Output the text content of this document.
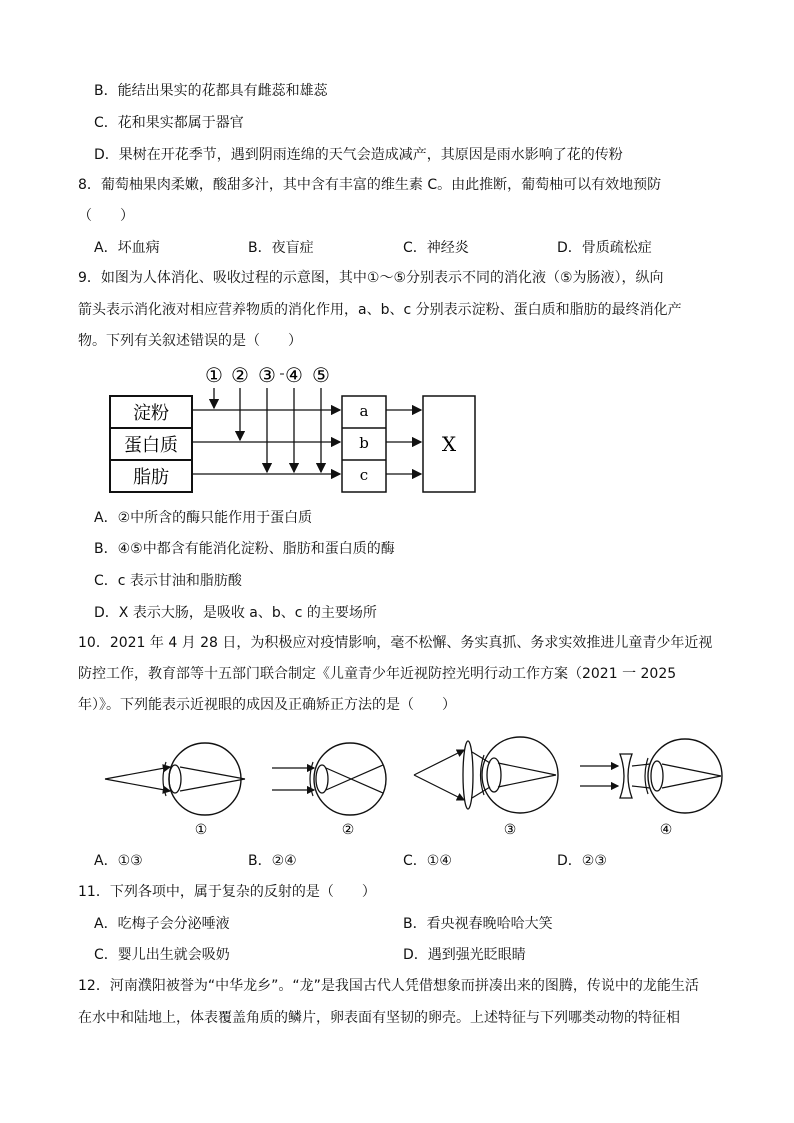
B．能结出果实的花都具有雌蕊和雄蕊
C．花和果实都属于器官
D．果树在开花季节，遇到阴雨连绵的天气会造成减产，其原因是雨水影响了花的传粉
8．葡萄柚果肉柔嫩，酸甜多汁，其中含有丰富的维生素 C。由此推断，葡萄柚可以有效地预防
（　　）
A．坏血病	B．夜盲症	C．神经炎	D．骨质疏松症
9．如图为人体消化、吸收过程的示意图，其中①～⑤分别表示不同的消化液（⑤为肠液），纵向
箭头表示消化液对相应营养物质的消化作用，a、b、c 分别表示淀粉、蛋白质和脂肪的最终消化产
物。下列有关叙述错误的是（　　）
① ② ③ ④ ⑤
淀粉
蛋白质
脂肪
a
b
c
X
A．②中所含的酶只能作用于蛋白质
B．④⑤中都含有能消化淀粉、脂肪和蛋白质的酶
C．c 表示甘油和脂肪酸
D．X 表示大肠，是吸收 a、b、c 的主要场所
10．2021 年 4 月 28 日，为积极应对疫情影响，毫不松懈、务实真抓、务求实效推进儿童青少年近视
防控工作，教育部等十五部门联合制定《儿童青少年近视防控光明行动工作方案（2021 一 2025
年）》。下列能表示近视眼的成因及正确矫正方法的是（　　）
①	②	③	④
A．①③	B．②④	C．①④	D．②③
11．下列各项中，属于复杂的反射的是（　　）
A．吃梅子会分泌唾液	B．看央视春晚哈哈大笑
C．婴儿出生就会吸奶	D．遇到强光眨眼睛
12．河南濮阳被誉为“中华龙乡”。“龙”是我国古代人凭借想象而拼凑出来的图腾，传说中的龙能生活
在水中和陆地上，体表覆盖角质的鳞片，卵表面有坚韧的卵壳。上述特征与下列哪类动物的特征相
